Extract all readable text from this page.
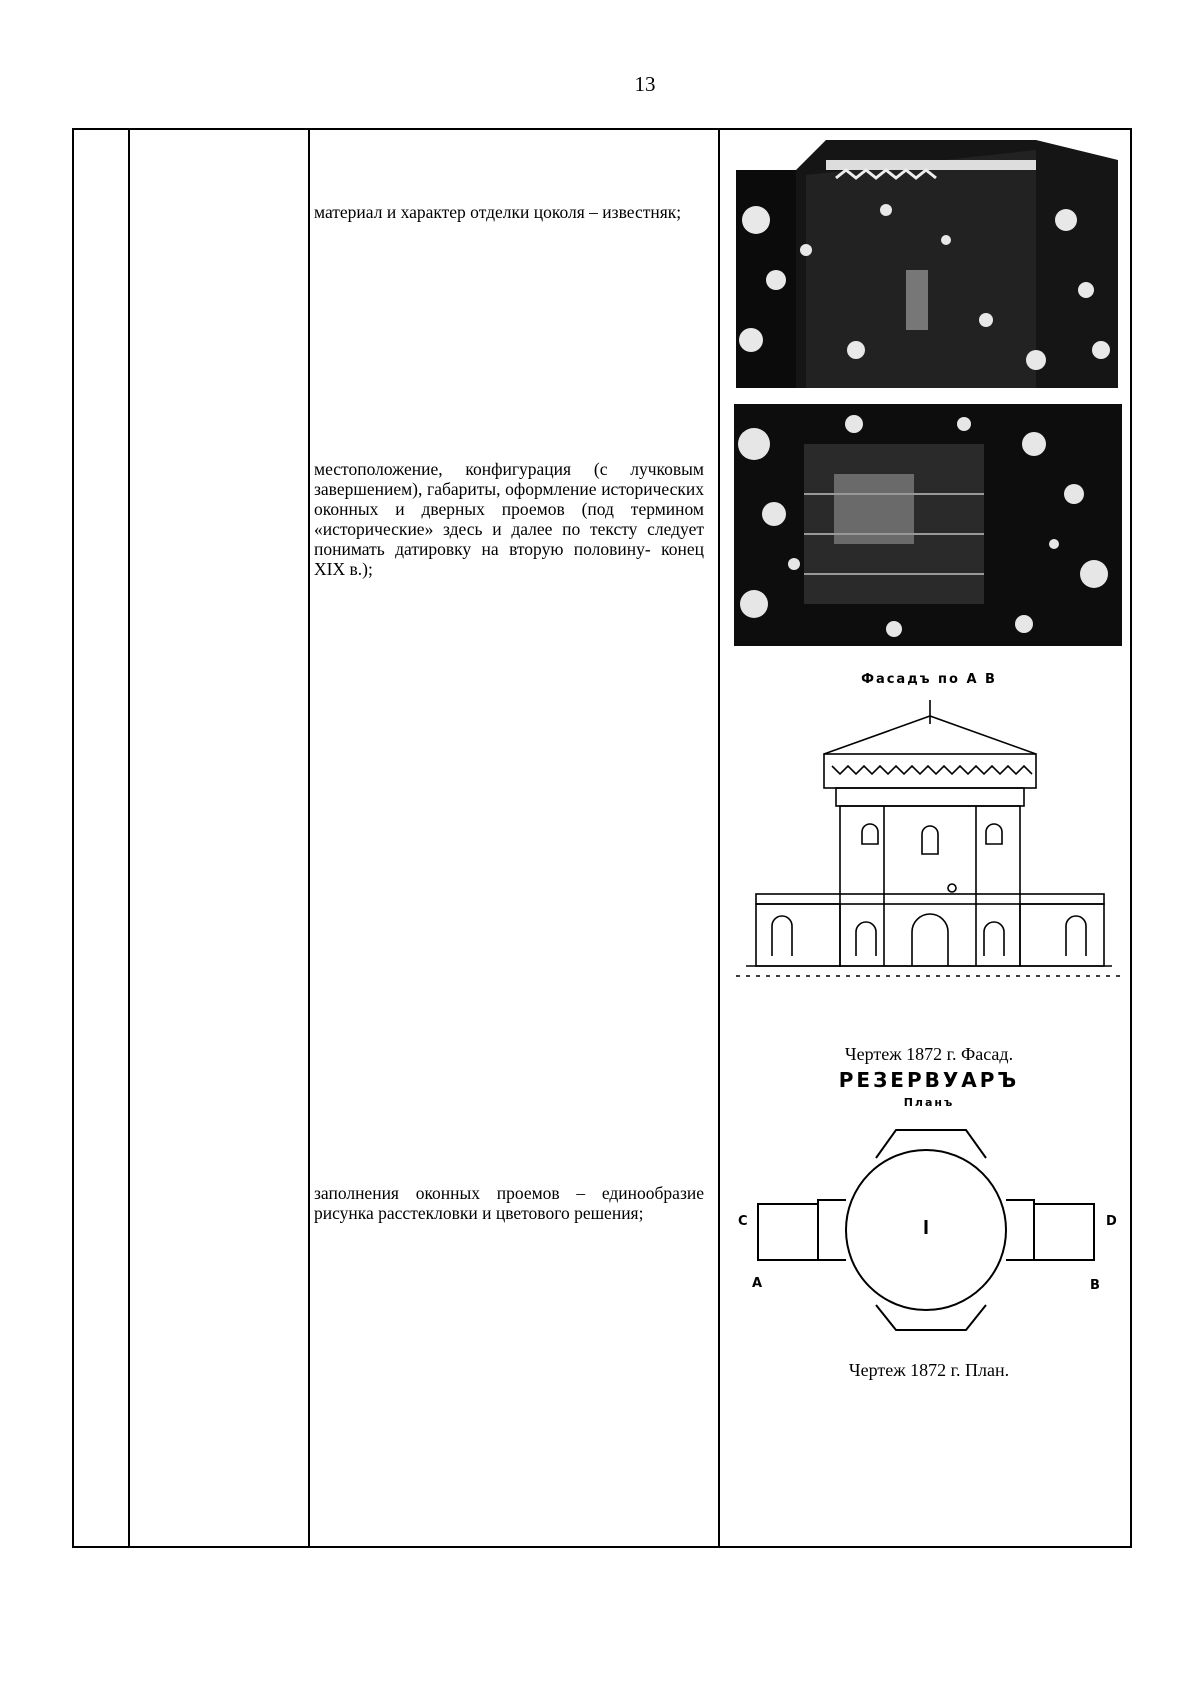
13
материал и характер отделки цоколя – известняк;
местоположение, конфигурация (с лучковым завершением), габариты, оформление исторических оконных и дверных проемов (под термином «исторические» здесь и далее по тексту следует понимать датировку на вторую половину- конец XIX в.);
заполнения оконных проемов – единообразие рисунка расстекловки и цветового решения;
Фасадъ по А В
Чертеж 1872 г. Фасад.
РЕЗЕРВУАРЪ
Планъ
C	D
A	B
Чертеж 1872 г. План.
